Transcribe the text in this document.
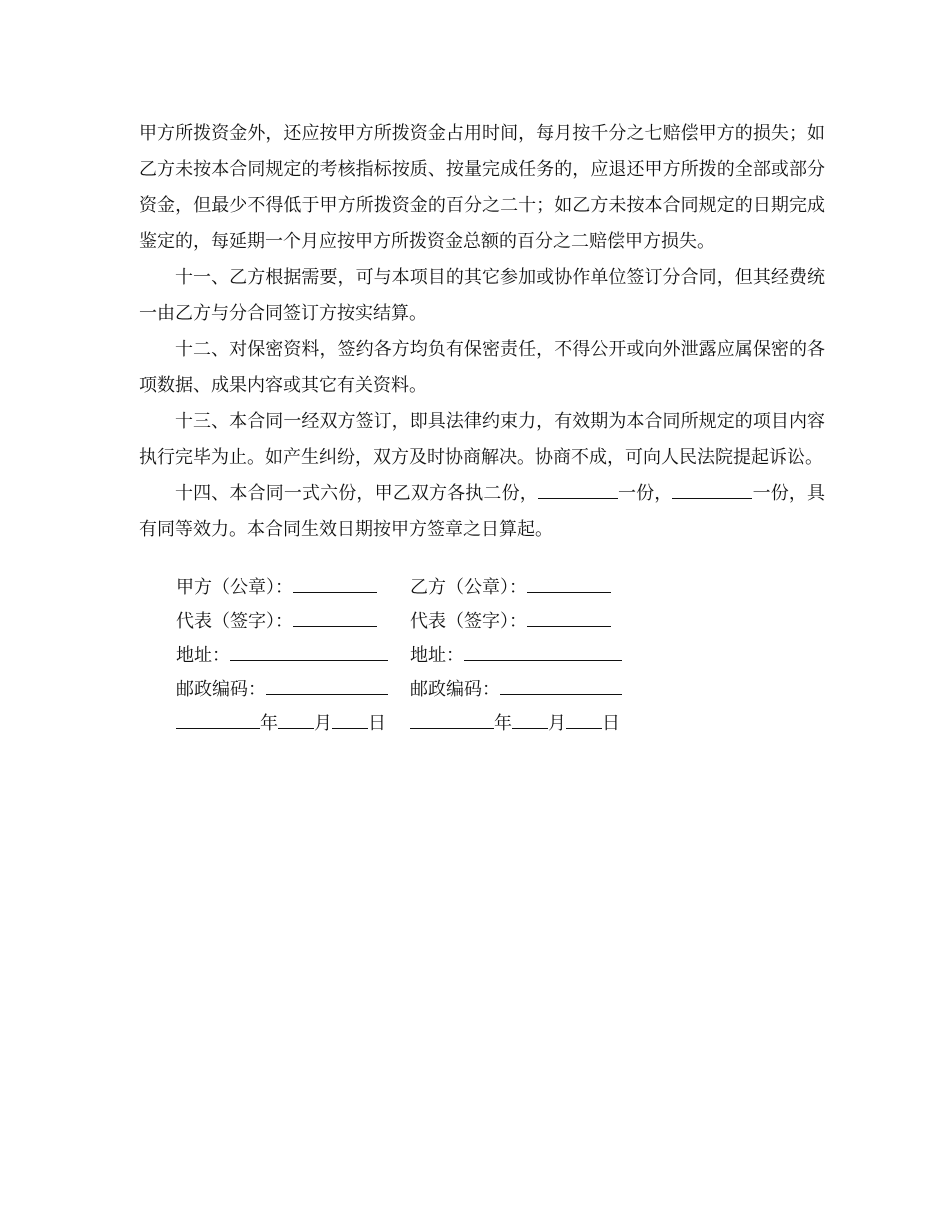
甲方所拨资金外，还应按甲方所拨资金占用时间，每月按千分之七赔偿甲方的损失；如乙方未按本合同规定的考核指标按质、按量完成任务的，应退还甲方所拨的全部或部分资金，但最少不得低于甲方所拨资金的百分之二十；如乙方未按本合同规定的日期完成鉴定的，每延期一个月应按甲方所拨资金总额的百分之二赔偿甲方损失。

十一、乙方根据需要，可与本项目的其它参加或协作单位签订分合同，但其经费统一由乙方与分合同签订方按实结算。

十二、对保密资料，签约各方均负有保密责任，不得公开或向外泄露应属保密的各项数据、成果内容或其它有关资料。

十三、本合同一经双方签订，即具法律约束力，有效期为本合同所规定的项目内容执行完毕为止。如产生纠纷，双方及时协商解决。协商不成，可向人民法院提起诉讼。

十四、本合同一式六份，甲乙双方各执二份，	一份，	一份，具有同等效力。本合同生效日期按甲方签章之日算起。

甲方（公章）：	乙方（公章）：
代表（签字）：	代表（签字）：
地址：	地址：
邮政编码：	邮政编码：
年 月 日	年 月 日
